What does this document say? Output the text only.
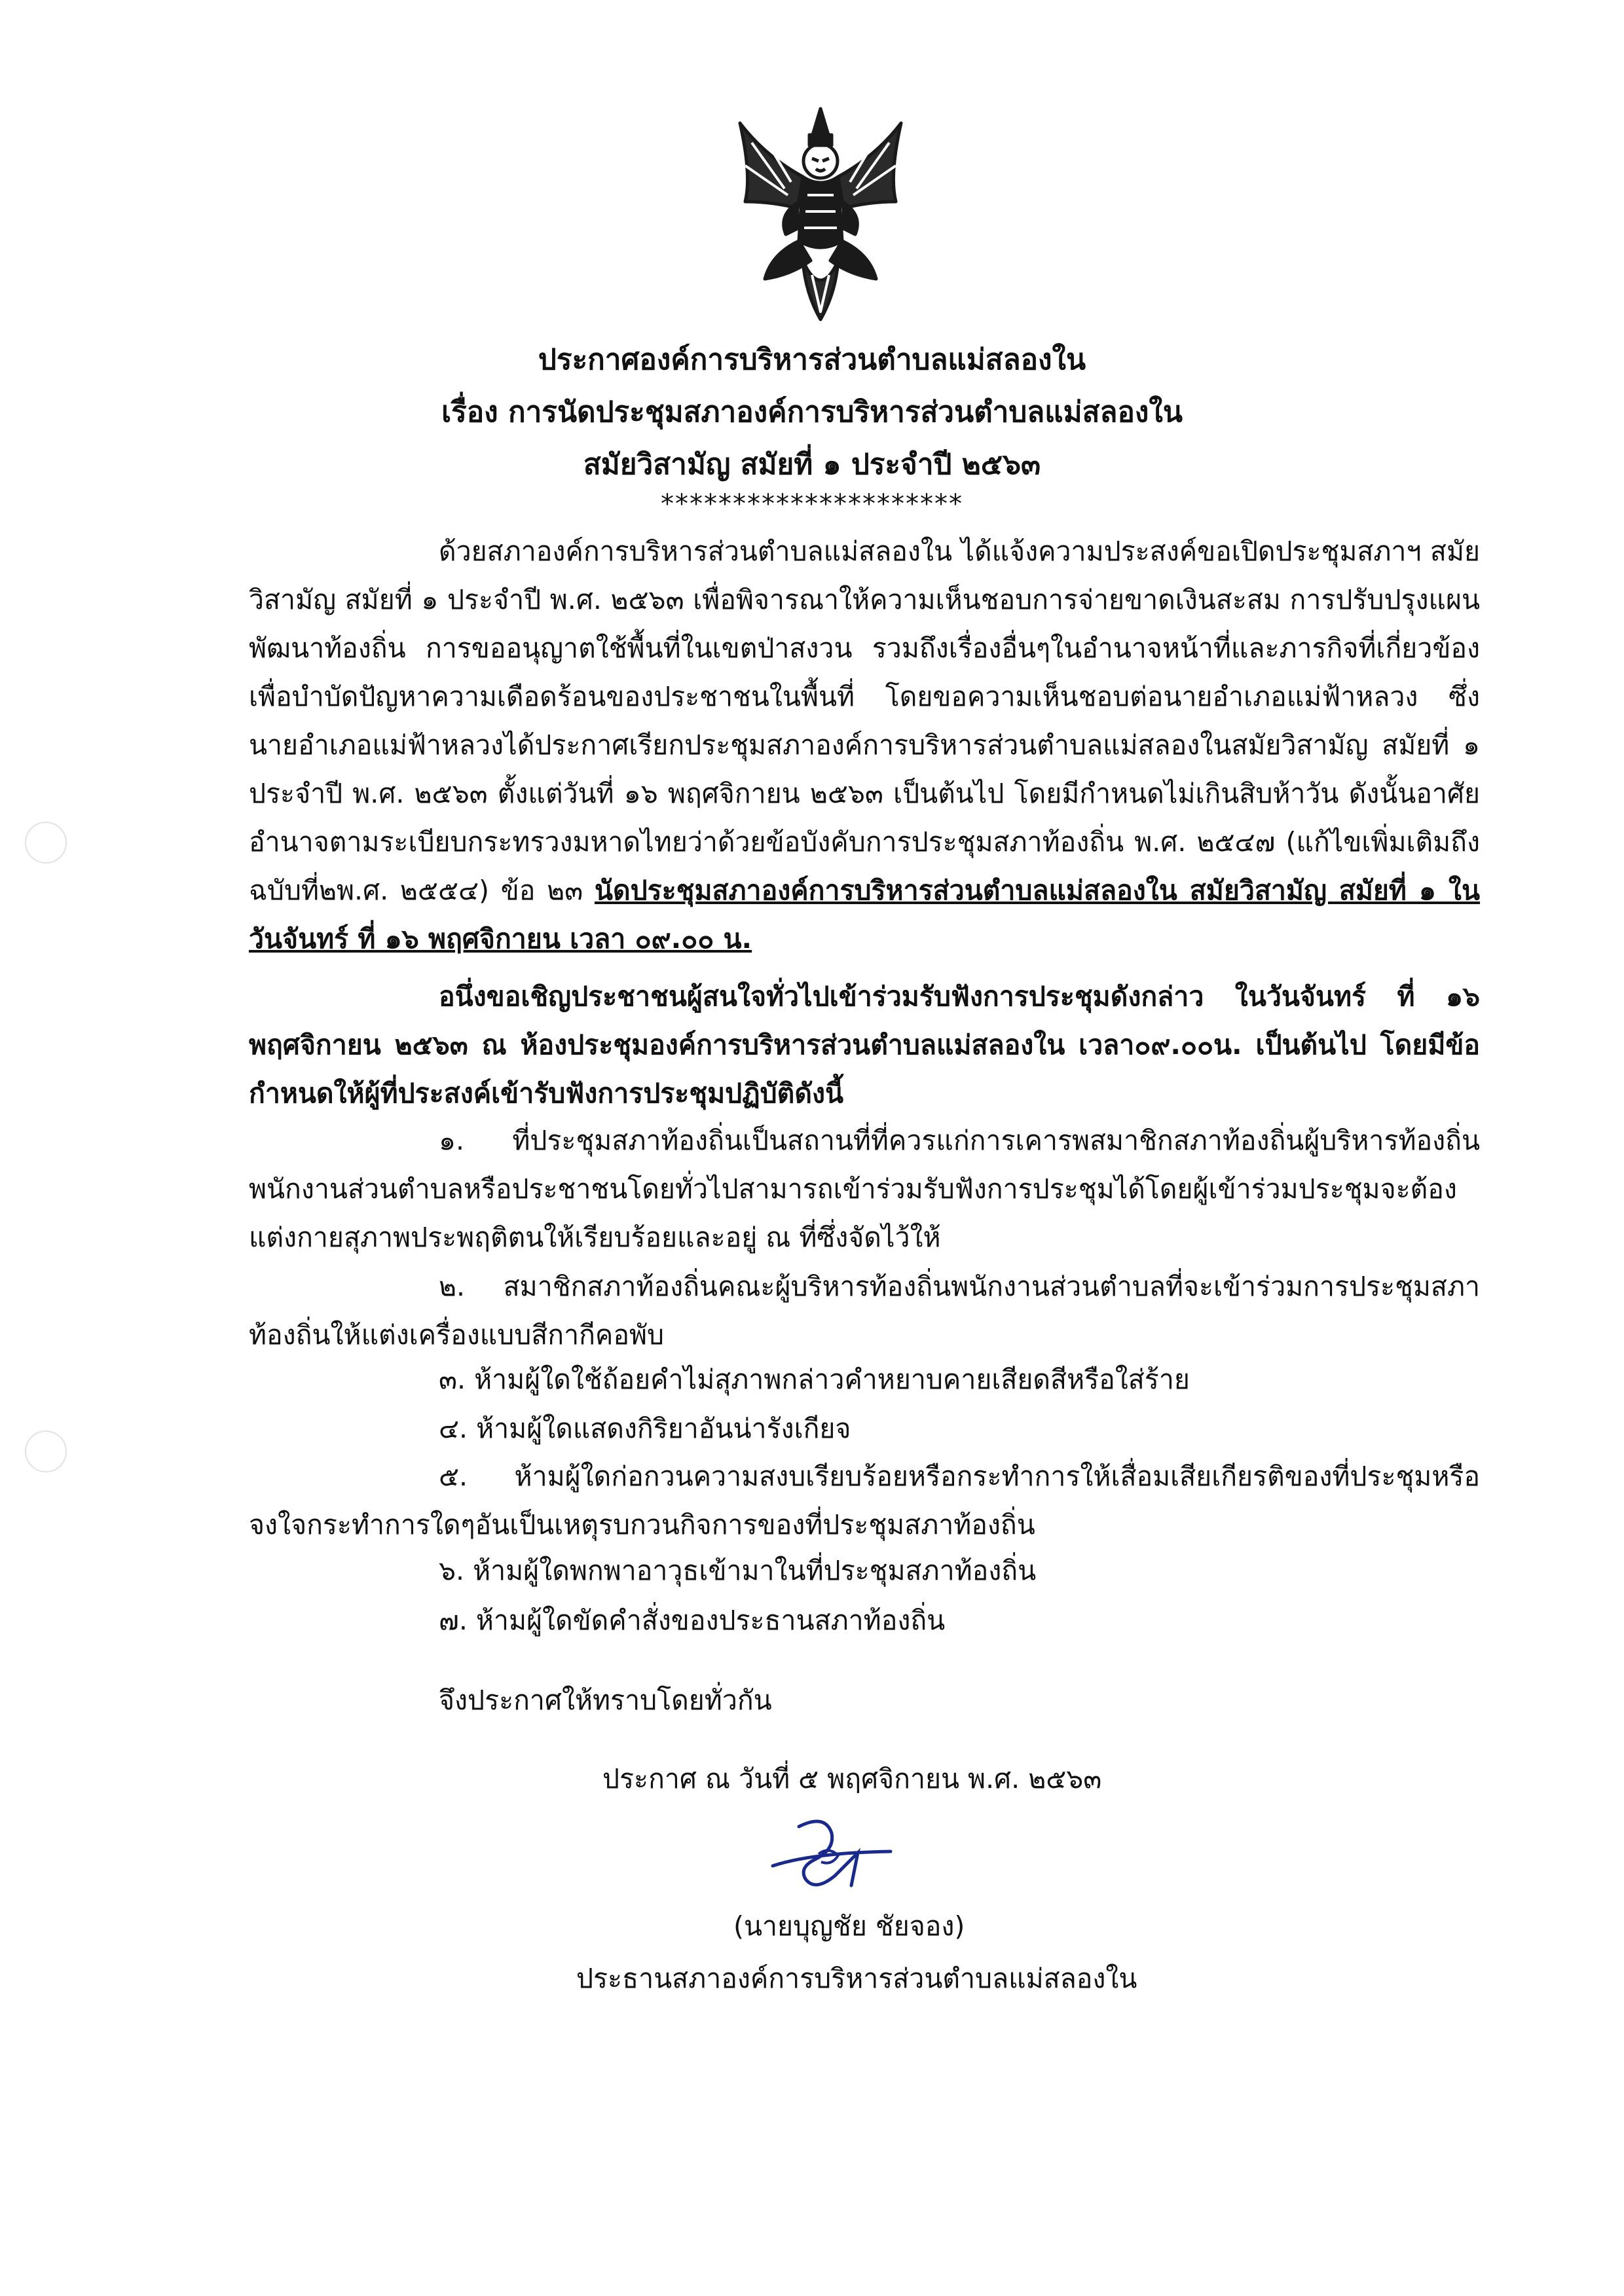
ประกาศองค์การบริหารส่วนตำบลแม่สลองใน
เรื่อง การนัดประชุมสภาองค์การบริหารส่วนตำบลแม่สลองใน
สมัยวิสามัญ สมัยที่ ๑ ประจำปี ๒๕๖๓
*********************

ด้วยสภาองค์การบริหารส่วนตำบลแม่สลองใน ได้แจ้งความประสงค์ขอเปิดประชุมสภาฯ สมัยวิสามัญ สมัยที่ ๑ ประจำปี พ.ศ. ๒๕๖๓ เพื่อพิจารณาให้ความเห็นชอบการจ่ายขาดเงินสะสม การปรับปรุงแผนพัฒนาท้องถิ่น การขออนุญาตใช้พื้นที่ในเขตป่าสงวน รวมถึงเรื่องอื่นๆในอำนาจหน้าที่และภารกิจที่เกี่ยวข้อง เพื่อบำบัดปัญหาความเดือดร้อนของประชาชนในพื้นที่ โดยขอความเห็นชอบต่อนายอำเภอแม่ฟ้าหลวง ซึ่งนายอำเภอแม่ฟ้าหลวงได้ประกาศเรียกประชุมสภาองค์การบริหารส่วนตำบลแม่สลองในสมัยวิสามัญ สมัยที่ ๑ ประจำปี พ.ศ. ๒๕๖๓ ตั้งแต่วันที่ ๑๖ พฤศจิกายน ๒๕๖๓ เป็นต้นไป โดยมีกำหนดไม่เกินสิบห้าวัน ดังนั้นอาศัยอำนาจตามระเบียบกระทรวงมหาดไทยว่าด้วยข้อบังคับการประชุมสภาท้องถิ่น พ.ศ. ๒๕๔๗ (แก้ไขเพิ่มเติมถึงฉบับที่๒พ.ศ. ๒๕๕๔) ข้อ ๒๓ นัดประชุมสภาองค์การบริหารส่วนตำบลแม่สลองใน สมัยวิสามัญ สมัยที่ ๑ ในวันจันทร์ ที่ ๑๖ พฤศจิกายน เวลา ๐๙.๐๐ น.

อนึ่งขอเชิญประชาชนผู้สนใจทั่วไปเข้าร่วมรับฟังการประชุมดังกล่าว ในวันจันทร์ ที่ ๑๖ พฤศจิกายน ๒๕๖๓ ณ ห้องประชุมองค์การบริหารส่วนตำบลแม่สลองใน เวลา๐๙.๐๐น. เป็นต้นไป โดยมีข้อกำหนดให้ผู้ที่ประสงค์เข้ารับฟังการประชุมปฏิบัติดังนี้

๑. ที่ประชุมสภาท้องถิ่นเป็นสถานที่ที่ควรแก่การเคารพสมาชิกสภาท้องถิ่นผู้บริหารท้องถิ่น พนักงานส่วนตำบลหรือประชาชนโดยทั่วไปสามารถเข้าร่วมรับฟังการประชุมได้โดยผู้เข้าร่วมประชุมจะต้องแต่งกายสุภาพประพฤติตนให้เรียบร้อยและอยู่ ณ ที่ซึ่งจัดไว้ให้

๒. สมาชิกสภาท้องถิ่นคณะผู้บริหารท้องถิ่นพนักงานส่วนตำบลที่จะเข้าร่วมการประชุมสภาท้องถิ่นให้แต่งเครื่องแบบสีกากีคอพับ

๓. ห้ามผู้ใดใช้ถ้อยคำไม่สุภาพกล่าวคำหยาบคายเสียดสีหรือใส่ร้าย

๔. ห้ามผู้ใดแสดงกิริยาอันน่ารังเกียจ

๕. ห้ามผู้ใดก่อกวนความสงบเรียบร้อยหรือกระทำการให้เสื่อมเสียเกียรติของที่ประชุมหรือจงใจกระทำการใดๆอันเป็นเหตุรบกวนกิจการของที่ประชุมสภาท้องถิ่น

๖. ห้ามผู้ใดพกพาอาวุธเข้ามาในที่ประชุมสภาท้องถิ่น

๗. ห้ามผู้ใดขัดคำสั่งของประธานสภาท้องถิ่น

จึงประกาศให้ทราบโดยทั่วกัน
ประกาศ ณ วันที่ ๕ พฤศจิกายน พ.ศ. ๒๕๖๓
(นายบุญชัย ชัยจอง)
ประธานสภาองค์การบริหารส่วนตำบลแม่สลองใน
